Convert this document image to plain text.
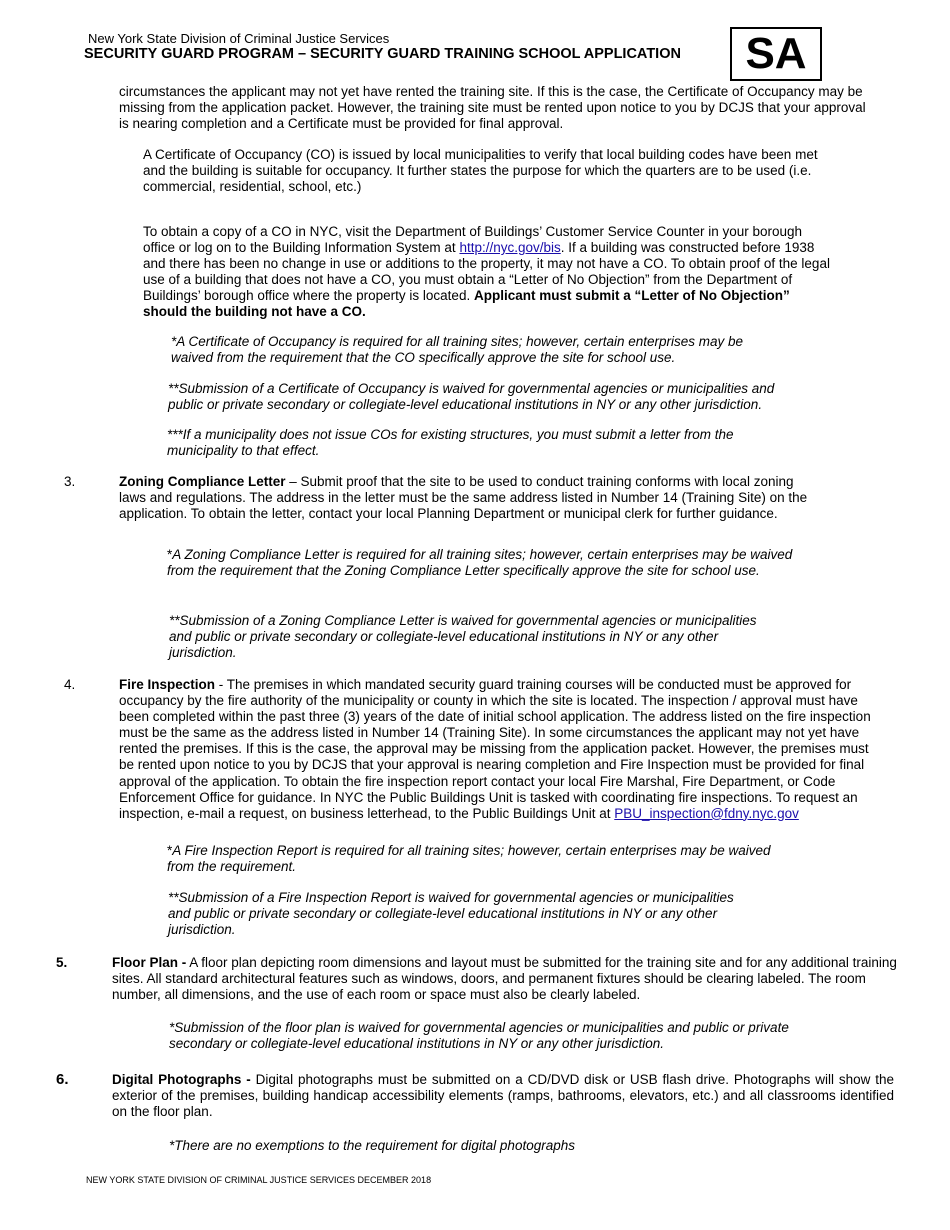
New York State Division of Criminal Justice Services
SECURITY GUARD PROGRAM – SECURITY GUARD TRAINING SCHOOL APPLICATION	SA

circumstances the applicant may not yet have rented the training site. If this is the case, the Certificate of Occupancy may be missing from the application packet. However, the training site must be rented upon notice to you by DCJS that your approval is nearing completion and a Certificate must be provided for final approval.

A Certificate of Occupancy (CO) is issued by local municipalities to verify that local building codes have been met and the building is suitable for occupancy. It further states the purpose for which the quarters are to be used (i.e. commercial, residential, school, etc.)

To obtain a copy of a CO in NYC, visit the Department of Buildings’ Customer Service Counter in your borough office or log on to the Building Information System at http://nyc.gov/bis. If a building was constructed before 1938 and there has been no change in use or additions to the property, it may not have a CO. To obtain proof of the legal use of a building that does not have a CO, you must obtain a “Letter of No Objection” from the Department of Buildings’ borough office where the property is located. Applicant must submit a “Letter of No Objection” should the building not have a CO.

*A Certificate of Occupancy is required for all training sites; however, certain enterprises may be waived from the requirement that the CO specifically approve the site for school use.

**Submission of a Certificate of Occupancy is waived for governmental agencies or municipalities and public or private secondary or collegiate-level educational institutions in NY or any other jurisdiction.

***If a municipality does not issue COs for existing structures, you must submit a letter from the municipality to that effect.

3.	Zoning Compliance Letter – Submit proof that the site to be used to conduct training conforms with local zoning laws and regulations. The address in the letter must be the same address listed in Number 14 (Training Site) on the application. To obtain the letter, contact your local Planning Department or municipal clerk for further guidance.

*A Zoning Compliance Letter is required for all training sites; however, certain enterprises may be waived from the requirement that the Zoning Compliance Letter specifically approve the site for school use.

**Submission of a Zoning Compliance Letter is waived for governmental agencies or municipalities and public or private secondary or collegiate-level educational institutions in NY or any other jurisdiction.

4.	Fire Inspection - The premises in which mandated security guard training courses will be conducted must be approved for occupancy by the fire authority of the municipality or county in which the site is located. The inspection / approval must have been completed within the past three (3) years of the date of initial school application. The address listed on the fire inspection must be the same as the address listed in Number 14 (Training Site). In some circumstances the applicant may not yet have rented the premises. If this is the case, the approval may be missing from the application packet. However, the premises must be rented upon notice to you by DCJS that your approval is nearing completion and Fire Inspection must be provided for final approval of the application. To obtain the fire inspection report contact your local Fire Marshal, Fire Department, or Code Enforcement Office for guidance. In NYC the Public Buildings Unit is tasked with coordinating fire inspections. To request an inspection, e-mail a request, on business letterhead, to the Public Buildings Unit at PBU_inspection@fdny.nyc.gov

*A Fire Inspection Report is required for all training sites; however, certain enterprises may be waived from the requirement.

**Submission of a Fire Inspection Report is waived for governmental agencies or municipalities and public or private secondary or collegiate-level educational institutions in NY or any other jurisdiction.

5.	Floor Plan - A floor plan depicting room dimensions and layout must be submitted for the training site and for any additional training sites. All standard architectural features such as windows, doors, and permanent fixtures should be clearing labeled. The room number, all dimensions, and the use of each room or space must also be clearly labeled.

*Submission of the floor plan is waived for governmental agencies or municipalities and public or private secondary or collegiate-level educational institutions in NY or any other jurisdiction.

6.	Digital Photographs - Digital photographs must be submitted on a CD/DVD disk or USB flash drive. Photographs will show the exterior of the premises, building handicap accessibility elements (ramps, bathrooms, elevators, etc.) and all classrooms identified on the floor plan.

*There are no exemptions to the requirement for digital photographs

NEW YORK STATE DIVISION OF CRIMINAL JUSTICE SERVICES DECEMBER 2018
